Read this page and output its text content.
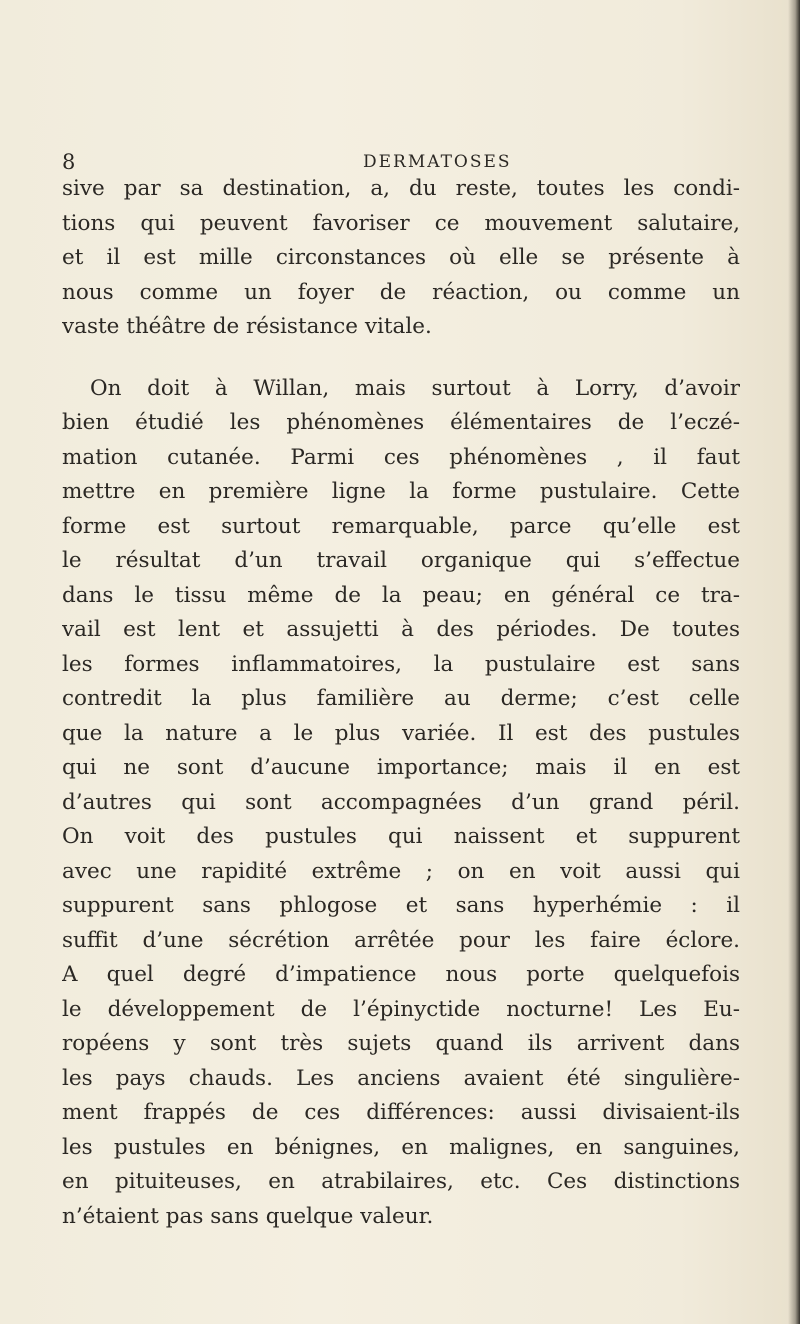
8	DERMATOSES
sive par sa destination, a, du reste, toutes les condi-
tions qui peuvent favoriser ce mouvement salutaire,
et il est mille circonstances où elle se présente à
nous comme un foyer de réaction, ou comme un
vaste théâtre de résistance vitale.
On doit à Willan, mais surtout à Lorry, d’avoir
bien étudié les phénomènes élémentaires de l’eczé-
mation cutanée. Parmi ces phénomènes , il faut
mettre en première ligne la forme pustulaire. Cette
forme est surtout remarquable, parce qu’elle est
le résultat d’un travail organique qui s’effectue
dans le tissu même de la peau; en général ce tra-
vail est lent et assujetti à des périodes. De toutes
les formes inflammatoires, la pustulaire est sans
contredit la plus familière au derme; c’est celle
que la nature a le plus variée. Il est des pustules
qui ne sont d’aucune importance; mais il en est
d’autres qui sont accompagnées d’un grand péril.
On voit des pustules qui naissent et suppurent
avec une rapidité extrême ; on en voit aussi qui
suppurent sans phlogose et sans hyperhémie : il
suffit d’une sécrétion arrêtée pour les faire éclore.
A quel degré d’impatience nous porte quelquefois
le développement de l’épinyctide nocturne! Les Eu-
ropéens y sont très sujets quand ils arrivent dans
les pays chauds. Les anciens avaient été singulière-
ment frappés de ces différences: aussi divisaient-ils
les pustules en bénignes, en malignes, en sanguines,
en pituiteuses, en atrabilaires, etc. Ces distinctions
n’étaient pas sans quelque valeur.
